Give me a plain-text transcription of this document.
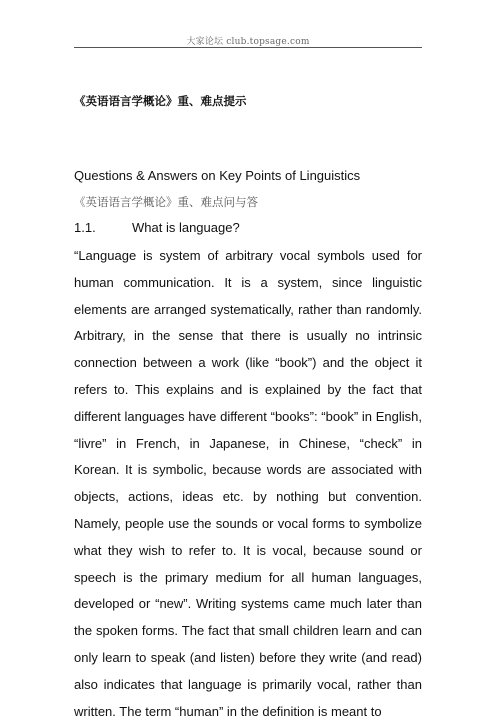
大家论坛 club.topsage.com
《英语语言学概论》重、难点提示
Questions & Answers on Key Points of Linguistics
《英语语言学概论》重、难点问与答
1.1.	What is language?

“Language is system of arbitrary vocal symbols used for human communication. It is a system, since linguistic elements are arranged systematically, rather than randomly. Arbitrary, in the sense that there is usually no intrinsic connection between a work (like “book”) and the object it refers to. This explains and is explained by the fact that different languages have different “books”: “book” in English, “livre” in French, in Japanese, in Chinese, “check” in Korean. It is symbolic, because words are associated with objects, actions, ideas etc. by nothing but convention. Namely, people use the sounds or vocal forms to symbolize what they wish to refer to. It is vocal, because sound or speech is the primary medium for all human languages, developed or “new”. Writing systems came much later than the spoken forms. The fact that small children learn and can only learn to speak (and listen) before they write (and read) also indicates that language is primarily vocal, rather than written. The term “human” in the definition is meant to
